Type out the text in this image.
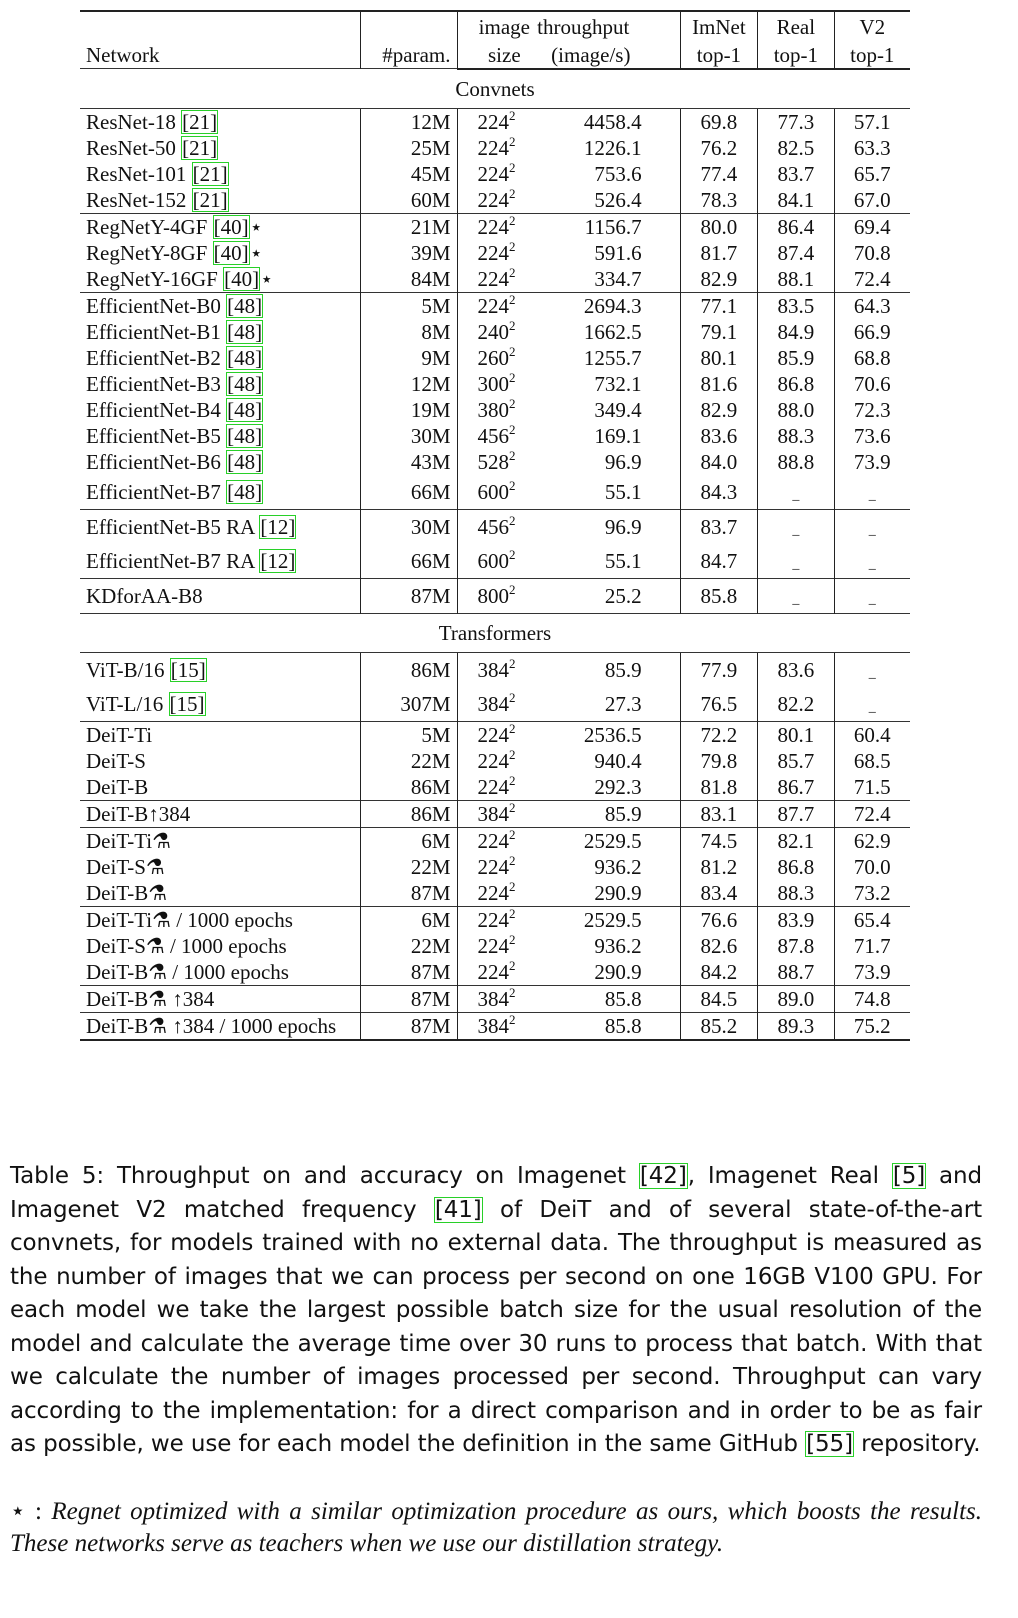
Network	#param.	image	throughput	ImNet	Real	V2
		size	(image/s)	top-1	top-1	top-1
Convnets						
ResNet-18 [21]	12M	$224^2$	4458.4	69.8	77.3	57.1
ResNet-50 [21]	25M	$224^2$	1226.1	76.2	82.5	63.3
ResNet-101 [21]	45M	$224^2$	753.6	77.4	83.7	65.7
ResNet-152 [21]	60M	$224^2$	526.4	78.3	84.1	67.0
RegNetY-4GF [40]⋆	21M	$224^2$	1156.7	80.0	86.4	69.4
RegNetY-8GF [40]⋆	39M	$224^2$	591.6	81.7	87.4	70.8
RegNetY-16GF [40]⋆	84M	$224^2$	334.7	82.9	88.1	72.4
EfficientNet-B0 [48]	5M	$224^2$	2694.3	77.1	83.5	64.3
EfficientNet-B1 [48]	8M	$240^2$	1662.5	79.1	84.9	66.9
EfficientNet-B2 [48]	9M	$260^2$	1255.7	80.1	85.9	68.8
EfficientNet-B3 [48]	12M	$300^2$	732.1	81.6	86.8	70.6
EfficientNet-B4 [48]	19M	$380^2$	349.4	82.9	88.0	72.3
EfficientNet-B5 [48]	30M	$456^2$	169.1	83.6	88.3	73.6
EfficientNet-B6 [48]	43M	$528^2$	96.9	84.0	88.8	73.9
EfficientNet-B7 [48]	66M	$600^2$	55.1	84.3	_	_
EfficientNet-B5 RA [12]	30M	$456^2$	96.9	83.7	_	_
EfficientNet-B7 RA [12]	66M	$600^2$	55.1	84.7	_	_
KDforAA-B8	87M	$800^2$	25.2	85.8	_	_
Transformers						
ViT-B/16 [15]	86M	$384^2$	85.9	77.9	83.6	_
ViT-L/16 [15]	307M	$384^2$	27.3	76.5	82.2	_
DeiT-Ti	5M	$224^2$	2536.5	72.2	80.1	60.4
DeiT-S	22M	$224^2$	940.4	79.8	85.7	68.5
DeiT-B	86M	$224^2$	292.3	81.8	86.7	71.5
DeiT-B↑384	86M	$384^2$	85.9	83.1	87.7	72.4
DeiT-Ti⚗	6M	$224^2$	2529.5	74.5	82.1	62.9
DeiT-S⚗	22M	$224^2$	936.2	81.2	86.8	70.0
DeiT-B⚗	87M	$224^2$	290.9	83.4	88.3	73.2
DeiT-Ti⚗ / 1000 epochs	6M	$224^2$	2529.5	76.6	83.9	65.4
DeiT-S⚗ / 1000 epochs	22M	$224^2$	936.2	82.6	87.8	71.7
DeiT-B⚗ / 1000 epochs	87M	$224^2$	290.9	84.2	88.7	73.9
DeiT-B⚗ ↑384	87M	$384^2$	85.8	84.5	89.0	74.8
DeiT-B⚗ ↑384 / 1000 epochs	87M	$384^2$	85.8	85.2	89.3	75.2
Table 5: Throughput on and accuracy on Imagenet [42], Imagenet Real [5] and Imagenet V2 matched frequency [41] of DeiT and of several state-of-the-art convnets, for models trained with no external data. The throughput is measured as the number of images that we can process per second on one 16GB V100 GPU. For each model we take the largest possible batch size for the usual resolution of the model and calculate the average time over 30 runs to process that batch. With that we calculate the number of images processed per second. Throughput can vary according to the implementation: for a direct comparison and in order to be as fair as possible, we use for each model the definition in the same GitHub [55] repository.
⋆ : Regnet optimized with a similar optimization procedure as ours, which boosts the results. These networks serve as teachers when we use our distillation strategy.
